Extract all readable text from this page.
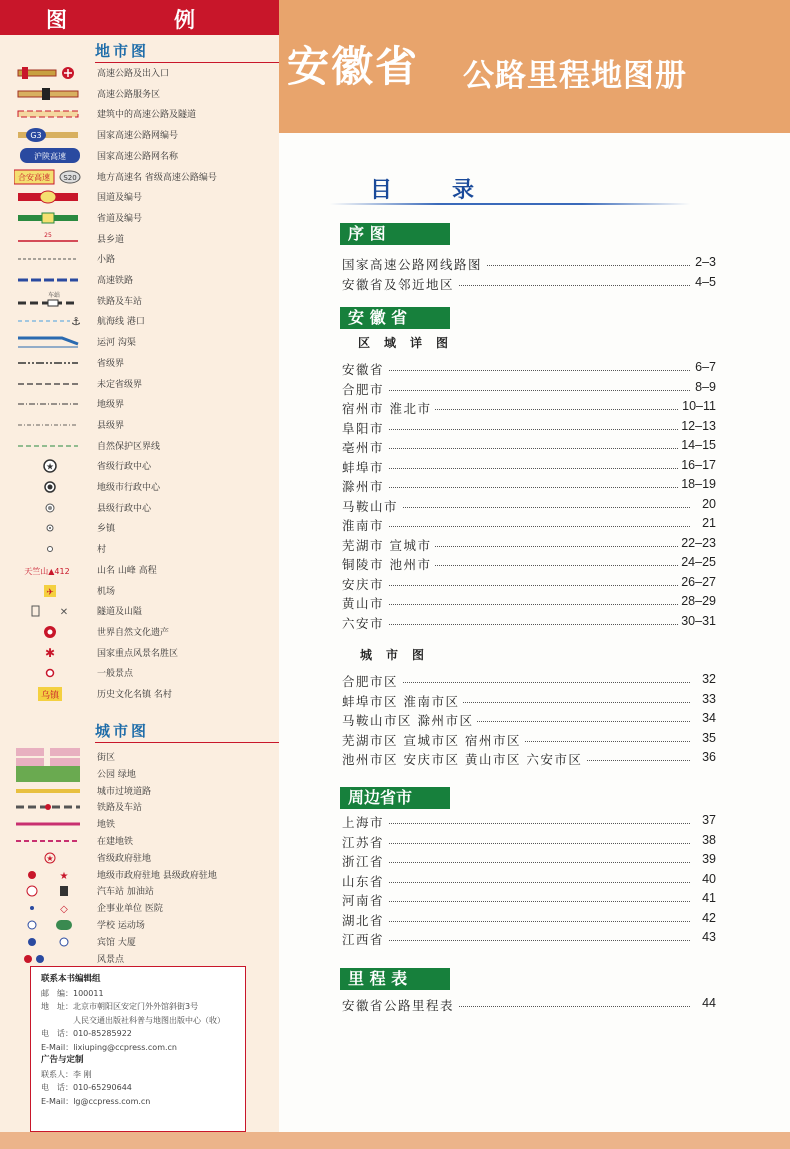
图	例
地市图
高速公路及出入口
高速公路服务区
建筑中的高速公路及隧道
G3	国家高速公路网编号
沪陕高速	国家高速公路网名称
合安高速 S20 地方高速名 省级高速公路编号
国道及编号
省道及编号
25	县乡道
小路
高速铁路
车站
铁路及车站
⚓ 航海线 港口
运河 沟渠
省级界
未定省级界
地级界
县级界
自然保护区界线
★	省级行政中心
地级市行政中心
县级行政中心
乡镇
村
天竺山▲412	山名 山峰 高程
✈	机场
✕	隧道及山隘
世界自然文化遗产
✱	国家重点风景名胜区
一般景点
乌镇	历史文化名镇 名村
城市图
街区
公园 绿地
城市过境道路
铁路及车站
地铁
在建地铁
★	省级政府驻地
★	地级市政府驻地 县级政府驻地
汽车站 加油站
◇	企事业单位 医院
学校 运动场
宾馆 大厦
风景点
联系本书编辑组
邮　编：100011
地　址：北京市朝阳区安定门外外馆斜街3号
人民交通出版社科普与地图出版中心（收）
电　话：010-85285922
E-Mail：lixiuping@ccpress.com.cn
广告与定制
联系人：李 刚
电　话：010-65290644
E-Mail：lg@ccpress.com.cn
安徽省 公路里程地图册
目录
序 图
国家高速公路网线路图	2–3
安徽省及邻近地区	4–5
安 徽 省
区域详图
安徽省	6–7
合肥市	8–9
宿州市 淮北市	10–11
阜阳市	12–13
亳州市	14–15
蚌埠市	16–17
滁州市	18–19
马鞍山市	20
淮南市	21
芜湖市 宣城市	22–23
铜陵市 池州市	24–25
安庆市	26–27
黄山市	28–29
六安市	30–31
城市图
合肥市区	32
蚌埠市区 淮南市区	33
马鞍山市区 滁州市区	34
芜湖市区 宣城市区 宿州市区	35
池州市区 安庆市区 黄山市区 六安市区	36
周边省市
上海市	37
江苏省	38
浙江省	39
山东省	40
河南省	41
湖北省	42
江西省	43
里 程 表
安徽省公路里程表	44
